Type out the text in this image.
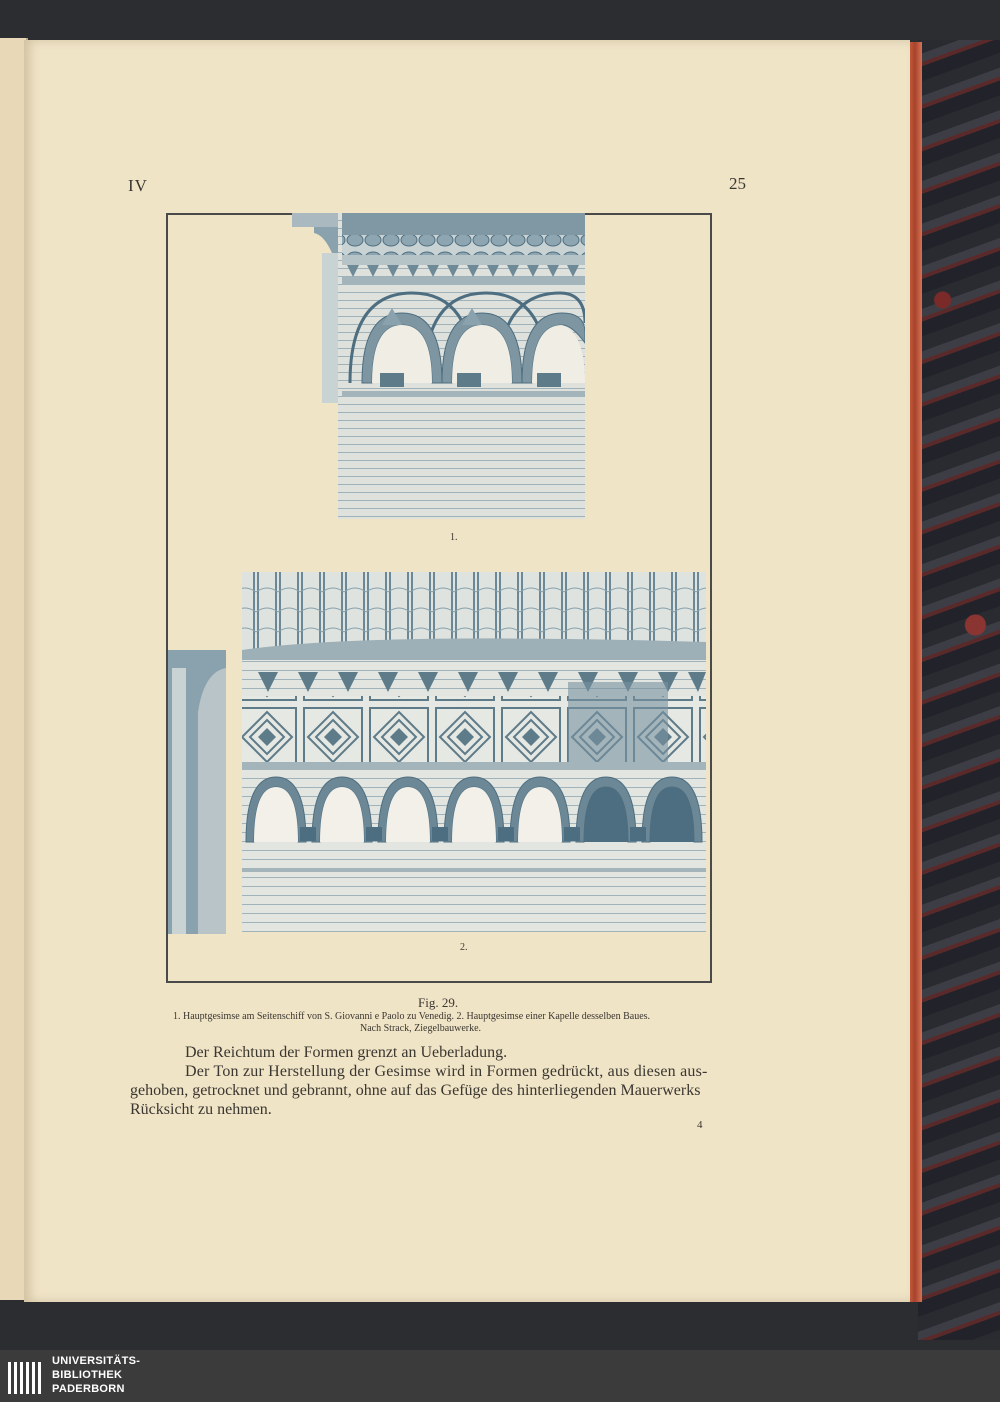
IV	25
1.
2.
Fig. 29.
1. Hauptgesimse am Seitenschiff von S. Giovanni e Paolo zu Venedig. 2. Hauptgesimse einer Kapelle desselben Baues.
Nach Strack, Ziegelbauwerke.
Der Reichtum der Formen grenzt an Ueberladung.
Der Ton zur Herstellung der Gesimse wird in Formen gedrückt, aus diesen aus-
gehoben, getrocknet und gebrannt, ohne auf das Gefüge des hinterliegenden Mauerwerks
Rücksicht zu nehmen.
4
UNIVERSITÄTS-
BIBLIOTHEK
PADERBORN
